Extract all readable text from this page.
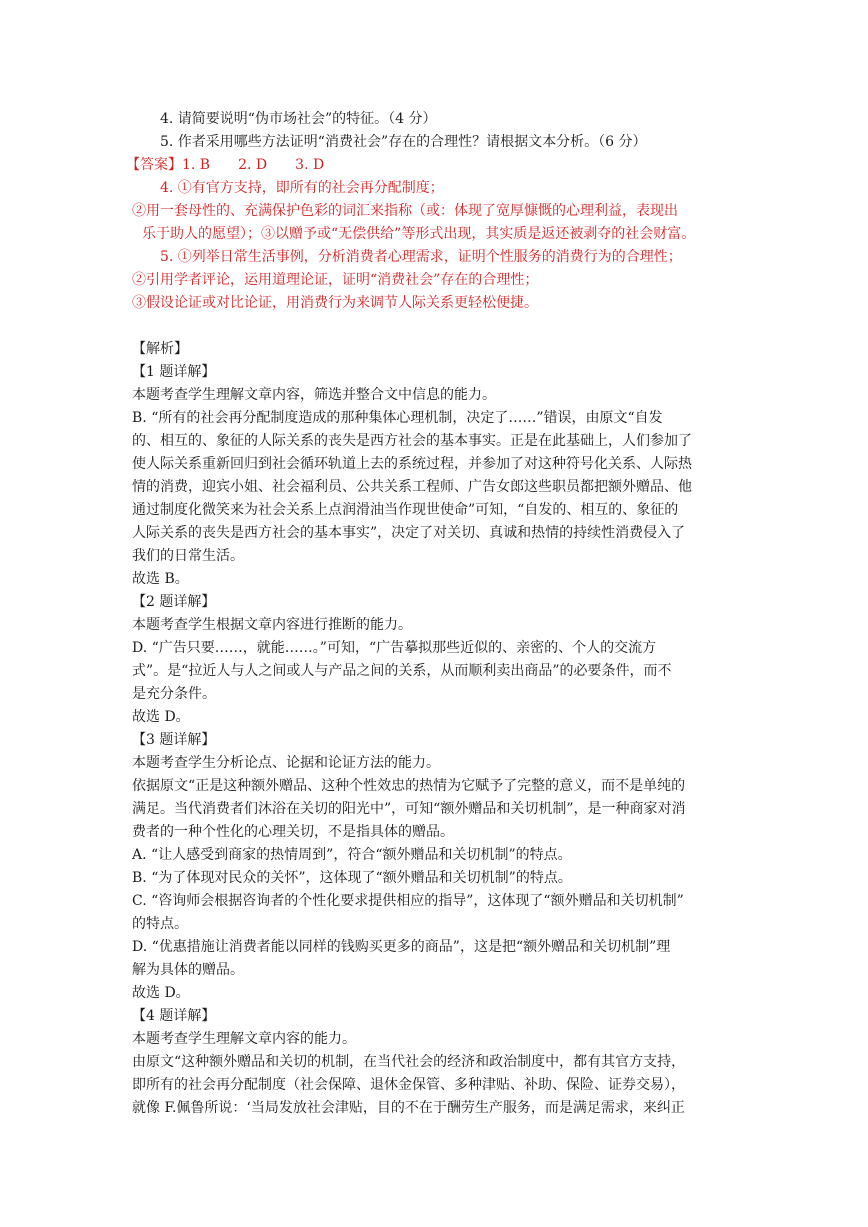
4. 请简要说明“伪市场社会”的特征。（4 分）

5. 作者采用哪些方法证明“消费社会”存在的合理性？请根据文本分析。（6 分）

【答案】1. B 2. D 3. D

4. ①有官方支持，即所有的社会再分配制度；

②用一套母性的、充满保护色彩的词汇来指称（或：体现了宽厚慷慨的心理利益，表现出

乐于助人的愿望）；③以赠予或“无偿供给”等形式出现，其实质是返还被剥夺的社会财富。

5. ①列举日常生活事例，分析消费者心理需求，证明个性服务的消费行为的合理性；

②引用学者评论，运用道理论证，证明“消费社会”存在的合理性；

③假设论证或对比论证，用消费行为来调节人际关系更轻松便捷。

【解析】

【1 题详解】

本题考查学生理解文章内容，筛选并整合文中信息的能力。

B. “所有的社会再分配制度造成的那种集体心理机制，决定了……”错误，由原文“自发

的、相互的、象征的人际关系的丧失是西方社会的基本事实。正是在此基础上，人们参加了

使人际关系重新回归到社会循环轨道上去的系统过程，并参加了对这种符号化关系、人际热

情的消费，迎宾小姐、社会福利员、公共关系工程师、广告女郎这些职员都把额外赠品、他

通过制度化微笑来为社会关系上点润滑油当作现世使命”可知，“自发的、相互的、象征的

人际关系的丧失是西方社会的基本事实”，决定了对关切、真诚和热情的持续性消费侵入了

我们的日常生活。

故选 B。

【2 题详解】

本题考查学生根据文章内容进行推断的能力。

D. “广告只要……，就能……。”可知，“广告摹拟那些近似的、亲密的、个人的交流方

式”。是“拉近人与人之间或人与产品之间的关系，从而顺利卖出商品”的必要条件，而不

是充分条件。

故选 D。

【3 题详解】

本题考查学生分析论点、论据和论证方法的能力。

依据原文“正是这种额外赠品、这种个性效忠的热情为它赋予了完整的意义，而不是单纯的

满足。当代消费者们沐浴在关切的阳光中”，可知“额外赠品和关切机制”，是一种商家对消

费者的一种个性化的心理关切，不是指具体的赠品。

A. “让人感受到商家的热情周到”，符合“额外赠品和关切机制”的特点。

B. “为了体现对民众的关怀”，这体现了“额外赠品和关切机制”的特点。

C. “咨询师会根据咨询者的个性化要求提供相应的指导”，这体现了“额外赠品和关切机制”

的特点。

D. “优惠措施让消费者能以同样的钱购买更多的商品”，这是把“额外赠品和关切机制”理

解为具体的赠品。

故选 D。

【4 题详解】

本题考查学生理解文章内容的能力。

由原文“这种额外赠品和关切的机制，在当代社会的经济和政治制度中，都有其官方支持，

即所有的社会再分配制度（社会保障、退休金保管、多种津贴、补助、保险、证券交易），

就像 F.佩鲁所说：‘当局发放社会津贴，目的不在于酬劳生产服务，而是满足需求，来纠正
